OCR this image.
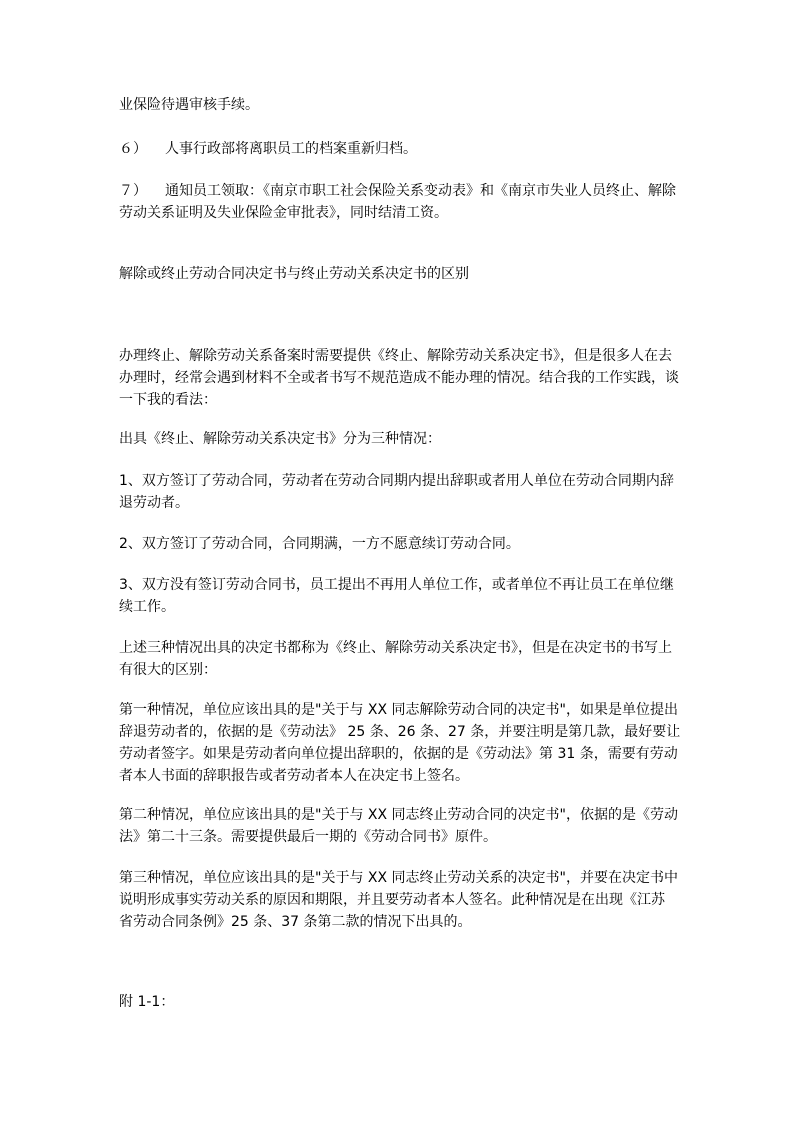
业保险待遇审核手续。
６） 人事行政部将离职员工的档案重新归档。
７） 通知员工领取：《南京市职工社会保险关系变动表》和《南京市失业人员终止、解除
劳动关系证明及失业保险金审批表》，同时结清工资。
解除或终止劳动合同决定书与终止劳动关系决定书的区别
办理终止、解除劳动关系备案时需要提供《终止、解除劳动关系决定书》，但是很多人在去
办理时，经常会遇到材料不全或者书写不规范造成不能办理的情况。结合我的工作实践，谈
一下我的看法：
出具《终止、解除劳动关系决定书》分为三种情况：
1、双方签订了劳动合同，劳动者在劳动合同期内提出辞职或者用人单位在劳动合同期内辞
退劳动者。
2、双方签订了劳动合同，合同期满，一方不愿意续订劳动合同。
3、双方没有签订劳动合同书，员工提出不再用人单位工作，或者单位不再让员工在单位继
续工作。
上述三种情况出具的决定书都称为《终止、解除劳动关系决定书》，但是在决定书的书写上
有很大的区别：
第一种情况，单位应该出具的是"关于与 XX 同志解除劳动合同的决定书"，如果是单位提出
辞退劳动者的，依据的是《劳动法》 25 条、26 条、27 条，并要注明是第几款，最好要让
劳动者签字。如果是劳动者向单位提出辞职的，依据的是《劳动法》第 31 条，需要有劳动
者本人书面的辞职报告或者劳动者本人在决定书上签名。
第二种情况，单位应该出具的是"关于与 XX 同志终止劳动合同的决定书"，依据的是《劳动
法》第二十三条。需要提供最后一期的《劳动合同书》原件。
第三种情况，单位应该出具的是"关于与 XX 同志终止劳动关系的决定书"，并要在决定书中
说明形成事实劳动关系的原因和期限，并且要劳动者本人签名。此种情况是在出现《江苏
省劳动合同条例》25 条、37 条第二款的情况下出具的。
附 1-1：
